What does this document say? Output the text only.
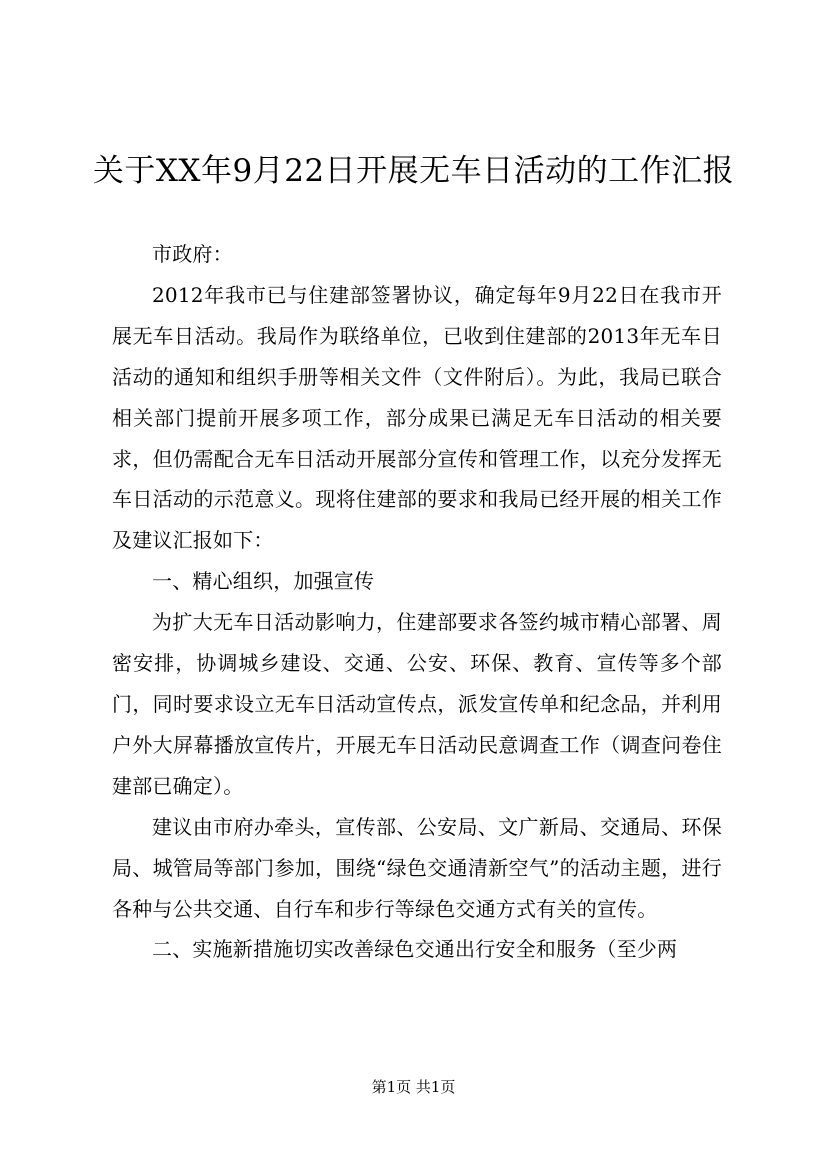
关于XX年9月22日开展无车日活动的工作汇报

市政府：

2012年我市已与住建部签署协议，确定每年9月22日在我市开展无车日活动。我局作为联络单位，已收到住建部的2013年无车日活动的通知和组织手册等相关文件（文件附后）。为此，我局已联合相关部门提前开展多项工作，部分成果已满足无车日活动的相关要求，但仍需配合无车日活动开展部分宣传和管理工作，以充分发挥无车日活动的示范意义。现将住建部的要求和我局已经开展的相关工作及建议汇报如下：

一、精心组织，加强宣传

为扩大无车日活动影响力，住建部要求各签约城市精心部署、周密安排，协调城乡建设、交通、公安、环保、教育、宣传等多个部门，同时要求设立无车日活动宣传点，派发宣传单和纪念品，并利用户外大屏幕播放宣传片，开展无车日活动民意调查工作（调查问卷住建部已确定）。

建议由市府办牵头，宣传部、公安局、文广新局、交通局、环保局、城管局等部门参加，围绕“绿色交通清新空气”的活动主题，进行各种与公共交通、自行车和步行等绿色交通方式有关的宣传。

二、实施新措施切实改善绿色交通出行安全和服务（至少两

第1页 共1页
